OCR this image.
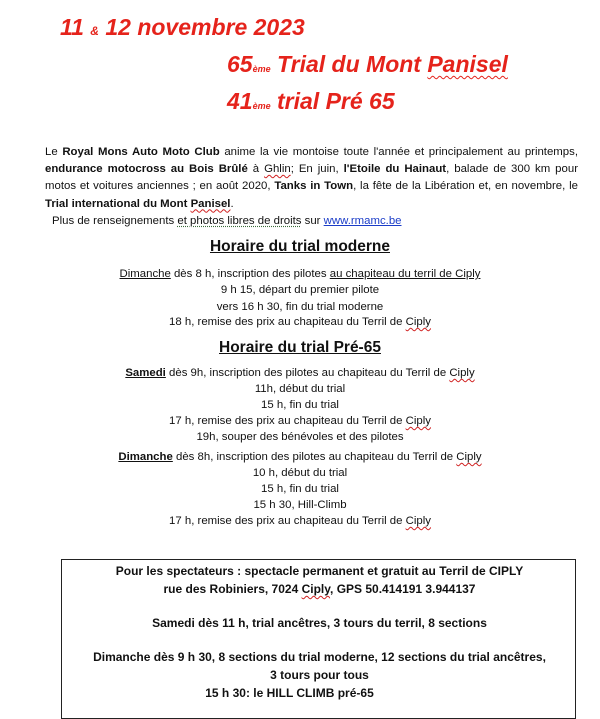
11 & 12 novembre 2023
65ème Trial du Mont Panisel
41ème trial Pré 65
Le Royal Mons Auto Moto Club anime la vie montoise toute l'année et principalement au printemps, endurance motocross au Bois Brûlé à Ghlin; En juin, l'Etoile du Hainaut, balade de 300 km pour motos et voitures anciennes ; en août 2020, Tanks in Town, la fête de la Libération et, en novembre, le Trial international du Mont Panisel.
Plus de renseignements et photos libres de droits sur www.rmamc.be
Horaire du trial moderne
Dimanche dès 8 h, inscription des pilotes au chapiteau du terril de Ciply
9 h 15, départ du premier pilote
vers 16 h 30, fin du trial moderne
18 h, remise des prix au chapiteau du Terril de Ciply
Horaire du trial Pré-65
Samedi dès 9h, inscription des pilotes au chapiteau du Terril de Ciply
11h, début du trial
15 h, fin du trial
17 h, remise des prix au chapiteau du Terril de Ciply
19h, souper des bénévoles et des pilotes
Dimanche dès 8h, inscription des pilotes au chapiteau du Terril de Ciply
10 h, début du trial
15 h, fin du trial
15 h 30, Hill-Climb
17 h, remise des prix au chapiteau du Terril de Ciply
Pour les spectateurs : spectacle permanent et gratuit au Terril de CIPLY
rue des Robiniers, 7024 Ciply, GPS 50.414191 3.944137
Samedi dès 11 h, trial ancêtres, 3 tours du terril, 8 sections
Dimanche dès 9 h 30, 8 sections du trial moderne, 12 sections du trial ancêtres,
3 tours pour tous
15 h 30: le HILL CLIMB pré-65
